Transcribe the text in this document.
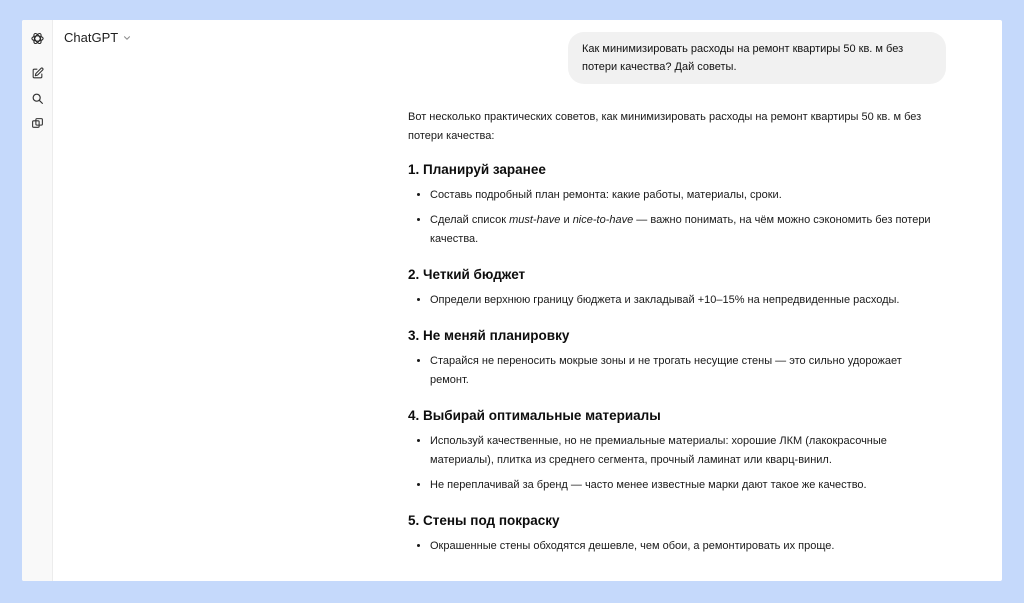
ChatGPT
Как минимизировать расходы на ремонт квартиры 50 кв. м без потери качества? Дай советы.

Вот несколько практических советов, как минимизировать расходы на ремонт квартиры 50 кв. м без потери качества:

1. Планируй заранее
• Составь подробный план ремонта: какие работы, материалы, сроки.
• Сделай список must-have и nice-to-have — важно понимать, на чём можно сэкономить без потери качества.
2. Четкий бюджет
• Определи верхнюю границу бюджета и закладывай +10–15% на непредвиденные расходы.
3. Не меняй планировку
• Старайся не переносить мокрые зоны и не трогать несущие стены — это сильно удорожает ремонт.
4. Выбирай оптимальные материалы
• Используй качественные, но не премиальные материалы: хорошие ЛКМ (лакокрасочные материалы), плитка из среднего сегмента, прочный ламинат или кварц-винил.
• Не переплачивай за бренд — часто менее известные марки дают такое же качество.
5. Стены под покраску
• Окрашенные стены обходятся дешевле, чем обои, а ремонтировать их проще.
